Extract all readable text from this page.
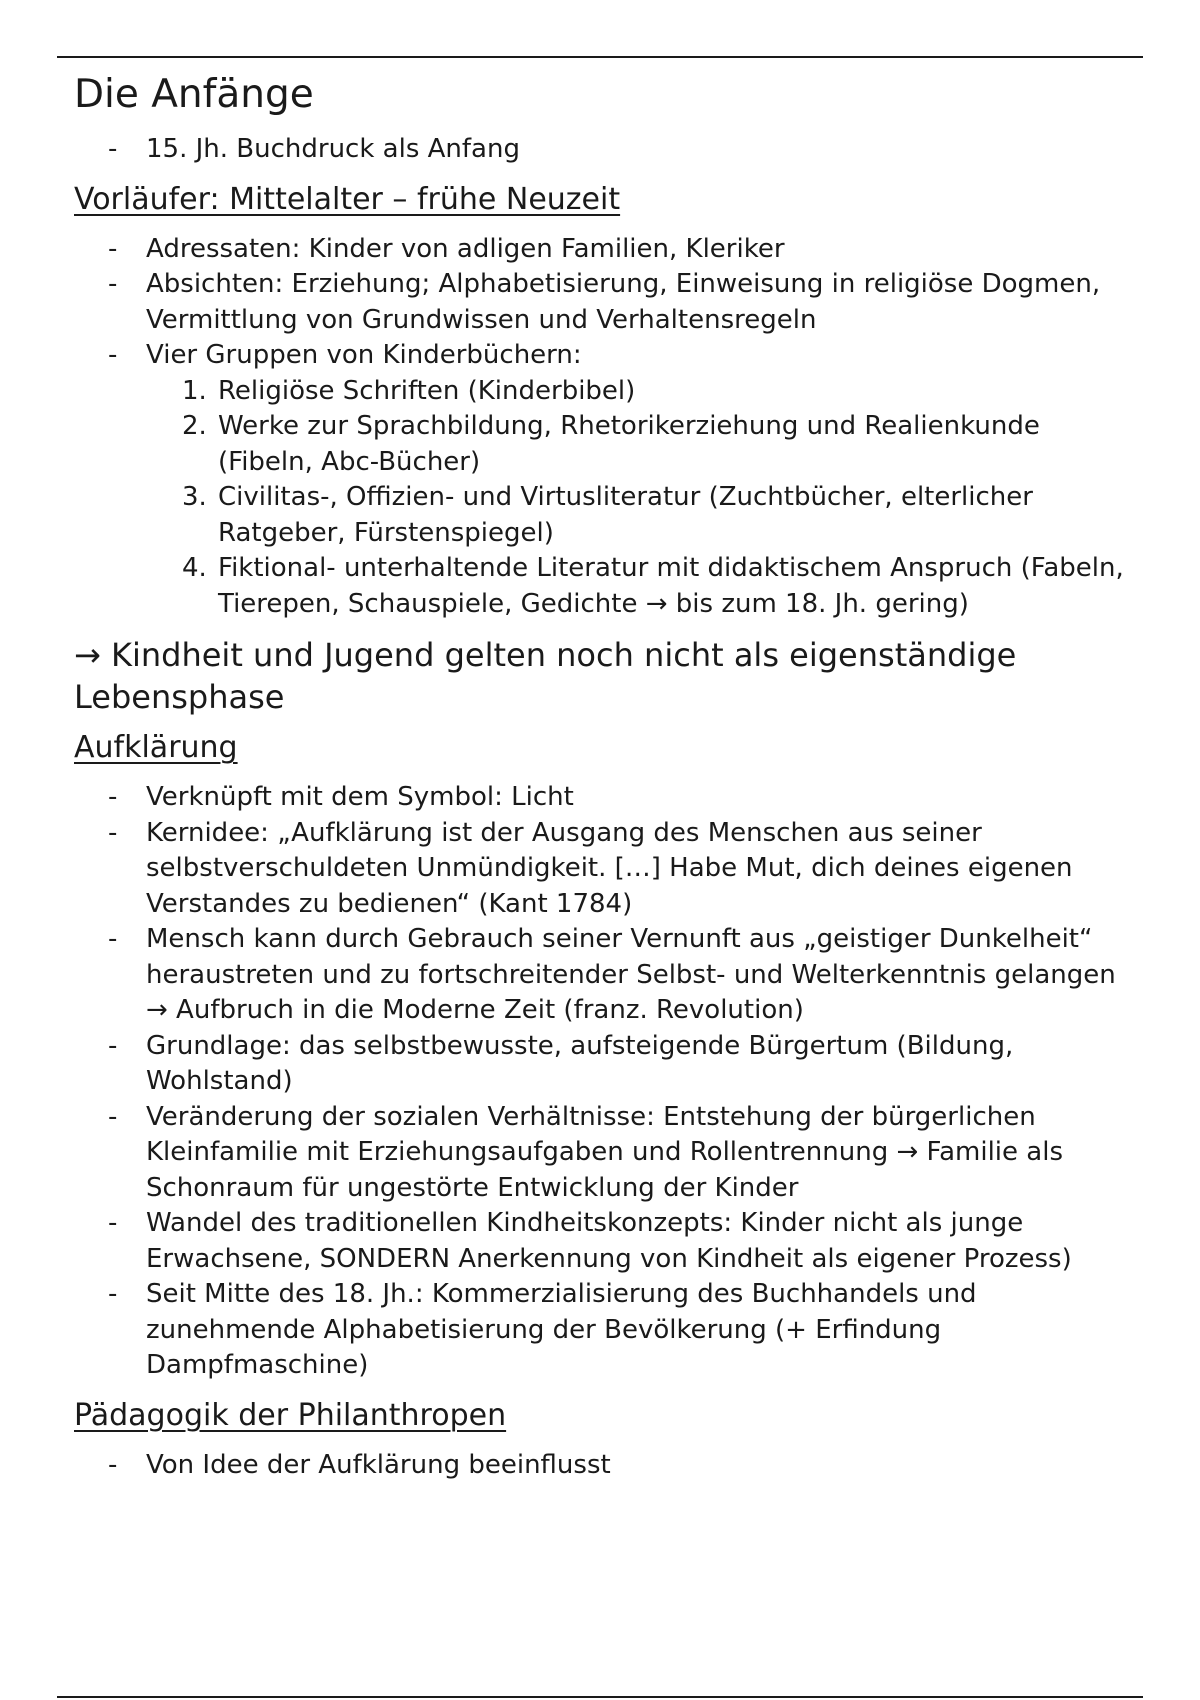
Die Anfänge
- 15. Jh. Buchdruck als Anfang
Vorläufer: Mittelalter – frühe Neuzeit
- Adressaten: Kinder von adligen Familien, Kleriker
- Absichten: Erziehung; Alphabetisierung, Einweisung in religiöse Dogmen, Vermittlung von Grundwissen und Verhaltensregeln
- Vier Gruppen von Kinderbüchern:
1. Religiöse Schriften (Kinderbibel)
2. Werke zur Sprachbildung, Rhetorikerziehung und Realienkunde (Fibeln, Abc-Bücher)
3. Civilitas-, Offizien- und Virtusliteratur (Zuchtbücher, elterlicher Ratgeber, Fürstenspiegel)
4. Fiktional- unterhaltende Literatur mit didaktischem Anspruch (Fabeln, Tierepen, Schauspiele, Gedichte → bis zum 18. Jh. gering)

→ Kindheit und Jugend gelten noch nicht als eigenständige Lebensphase

Aufklärung
- Verknüpft mit dem Symbol: Licht
- Kernidee: „Aufklärung ist der Ausgang des Menschen aus seiner selbstverschuldeten Unmündigkeit. […] Habe Mut, dich deines eigenen Verstandes zu bedienen“ (Kant 1784)
- Mensch kann durch Gebrauch seiner Vernunft aus „geistiger Dunkelheit“ heraustreten und zu fortschreitender Selbst- und Welterkenntnis gelangen → Aufbruch in die Moderne Zeit (franz. Revolution)
- Grundlage: das selbstbewusste, aufsteigende Bürgertum (Bildung, Wohlstand)
- Veränderung der sozialen Verhältnisse: Entstehung der bürgerlichen Kleinfamilie mit Erziehungsaufgaben und Rollentrennung → Familie als Schonraum für ungestörte Entwicklung der Kinder
- Wandel des traditionellen Kindheitskonzepts: Kinder nicht als junge Erwachsene, SONDERN Anerkennung von Kindheit als eigener Prozess)
- Seit Mitte des 18. Jh.: Kommerzialisierung des Buchhandels und zunehmende Alphabetisierung der Bevölkerung (+ Erfindung Dampfmaschine)
Pädagogik der Philanthropen
- Von Idee der Aufklärung beeinflusst
